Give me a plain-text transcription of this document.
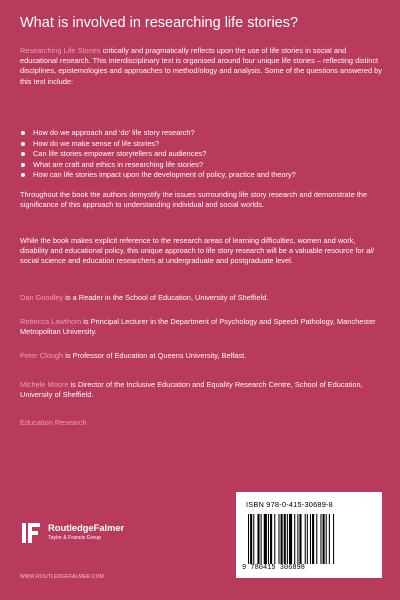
What is involved in researching life stories?
Researching Life Stories critically and pragmatically reflects upon the use of life stories in social and educational research. This interdisciplinary text is organised around four unique life stories – reflecting distinct disciplines, epistemologies and approaches to method/ology and analysis. Some of the questions answered by this text include:
How do we approach and ‘do’ life story research?
How do we make sense of life stories?
Can life stories empower storytellers and audiences?
What are craft and ethics in researching life stories?
How can life stories impact upon the development of policy, practice and theory?
Throughout the book the authors demystify the issues surrounding life story research and demonstrate the significance of this approach to understanding individual and social worlds.
While the book makes explicit reference to the research areas of learning difficulties, women and work, disability and educational policy, this unique approach to life story research will be a valuable resource for all social science and education researchers at undergraduate and postgraduate level.
Dan Goodley is a Reader in the School of Education, University of Sheffield.
Rebecca Lawthom is Principal Lecturer in the Department of Psychology and Speech Pathology, Manchester Metropolitan University.
Peter Clough is Professor of Education at Queens University, Belfast.
Michele Moore is Director of the Inclusive Education and Equality Research Centre, School of Education, University of Sheffield.
Education Research
RoutledgeFalmer
Taylor & Francis Group
WWW.ROUTLEDGEFALMER.COM
ISBN 978-0-415-30689-8
9 780415 306898
